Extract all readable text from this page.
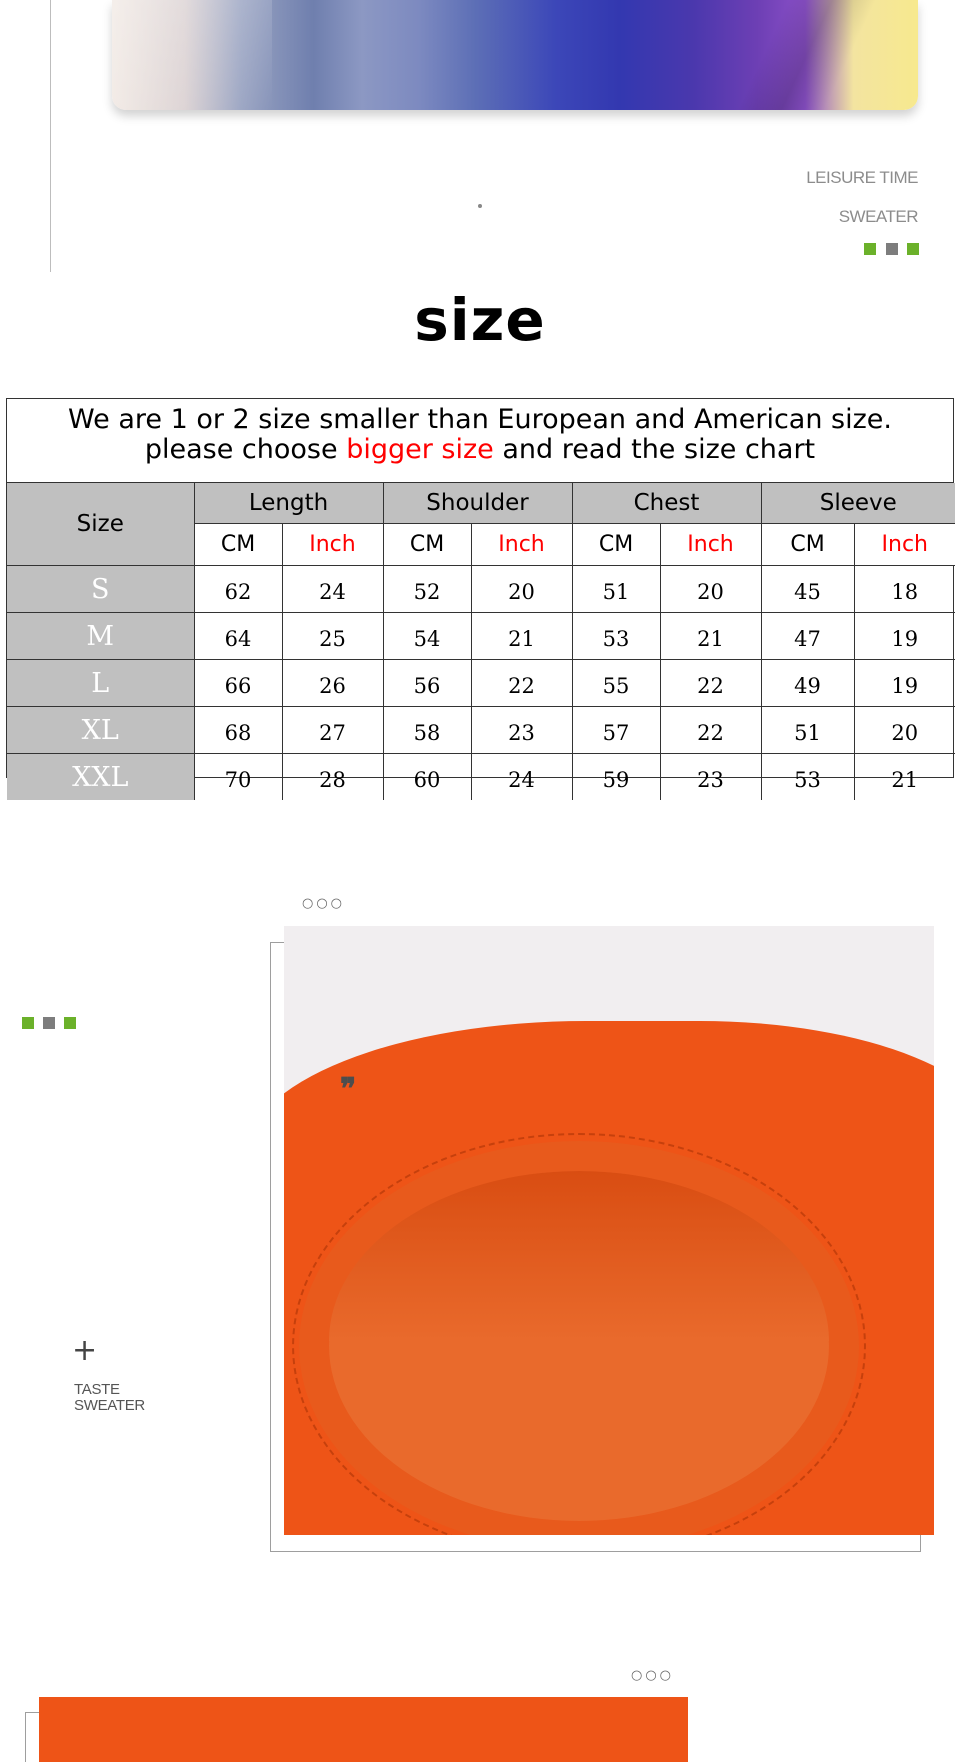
LEISURE TIME
SWEATER
size
We are 1 or 2 size smaller than European and American size.
please choose bigger size and read the size chart
Size	Length		Shoulder		Chest		Sleeve	
	CM	Inch	CM	Inch	CM	Inch	CM	Inch
S	62	24	52	20	51	20	45	18
M	64	25	54	21	53	21	47	19
L	66	26	56	22	55	22	49	19
XL	68	27	58	23	57	22	51	20
XXL	70	28	60	24	59	23	53	21
○○○
❞
+
TASTE
SWEATER
○○○
